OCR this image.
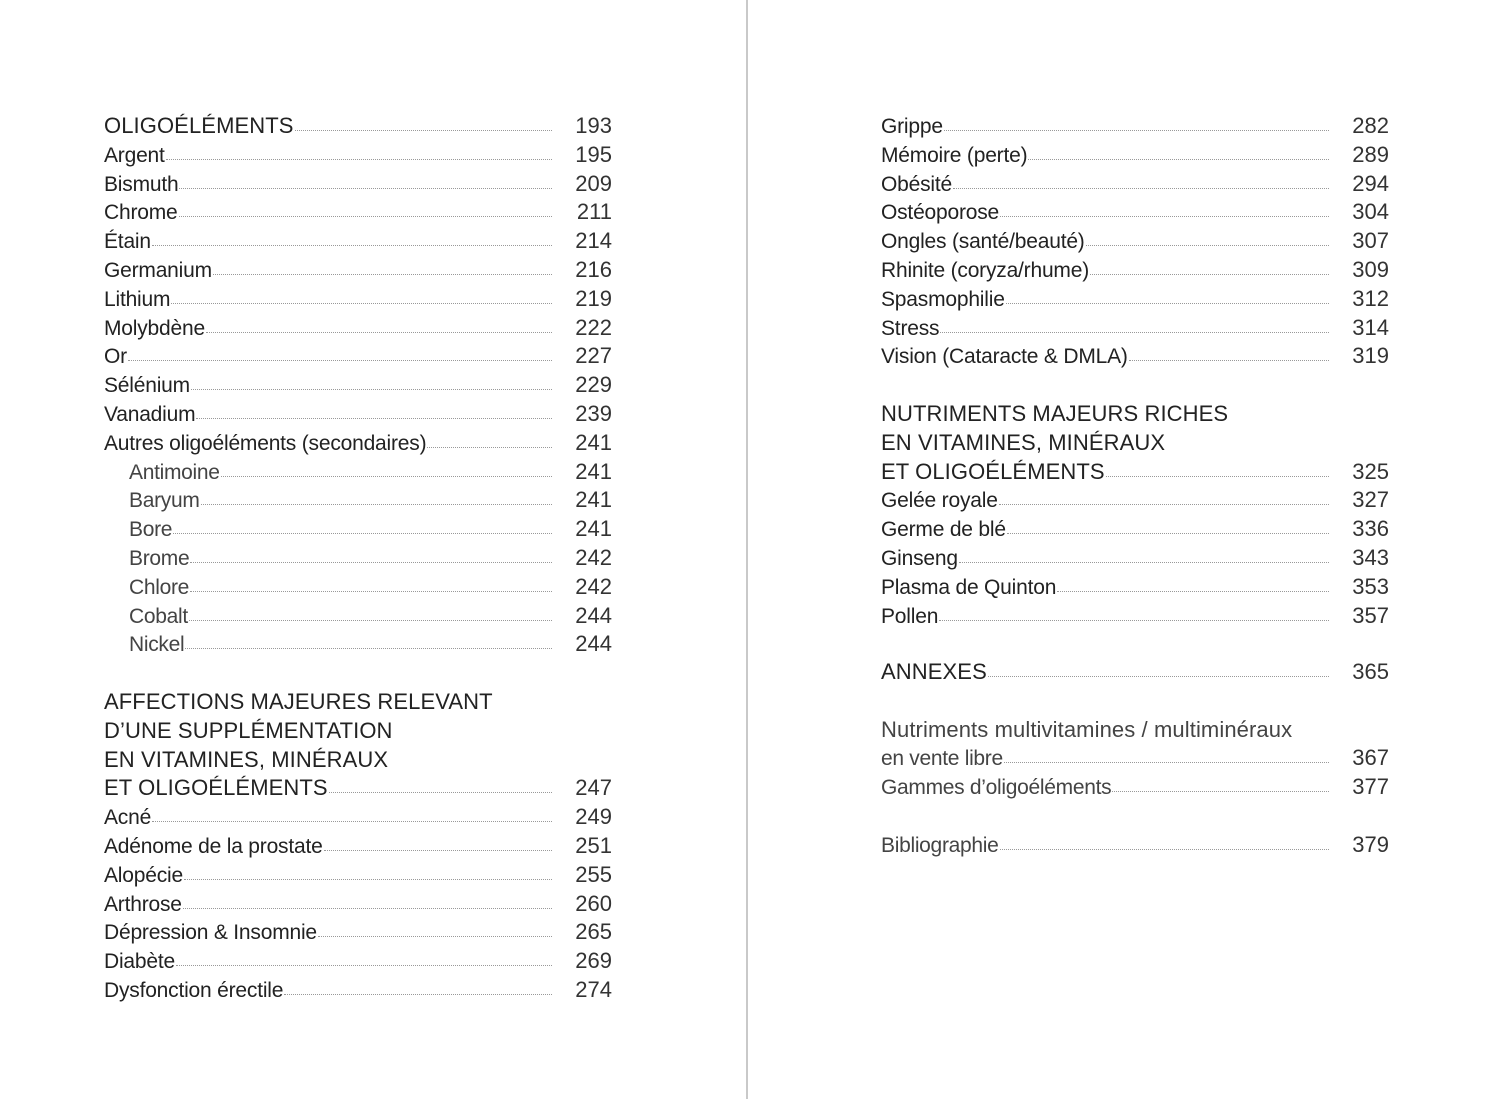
OLIGOÉLÉMENTS	193
Argent	195
Bismuth	209
Chrome	211
Étain	214
Germanium	216
Lithium	219
Molybdène	222
Or	227
Sélénium	229
Vanadium	239
Autres oligoéléments (secondaires)	241
Antimoine	241
Baryum	241
Bore	241
Brome	242
Chlore	242
Cobalt	244
Nickel	244
AFFECTIONS MAJEURES RELEVANT
D’UNE SUPPLÉMENTATION
EN VITAMINES, MINÉRAUX
ET OLIGOÉLÉMENTS	247
Acné	249
Adénome de la prostate	251
Alopécie	255
Arthrose	260
Dépression & Insomnie	265
Diabète	269
Dysfonction érectile	274
Grippe	282
Mémoire (perte)	289
Obésité	294
Ostéoporose	304
Ongles (santé/beauté)	307
Rhinite (coryza/rhume)	309
Spasmophilie	312
Stress	314
Vision (Cataracte & DMLA)	319
NUTRIMENTS MAJEURS RICHES
EN VITAMINES, MINÉRAUX
ET OLIGOÉLÉMENTS	325
Gelée royale	327
Germe de blé	336
Ginseng	343
Plasma de Quinton	353
Pollen	357
ANNEXES	365
Nutriments multivitamines / multiminéraux
en vente libre	367
Gammes d’oligoéléments	377
Bibliographie	379
